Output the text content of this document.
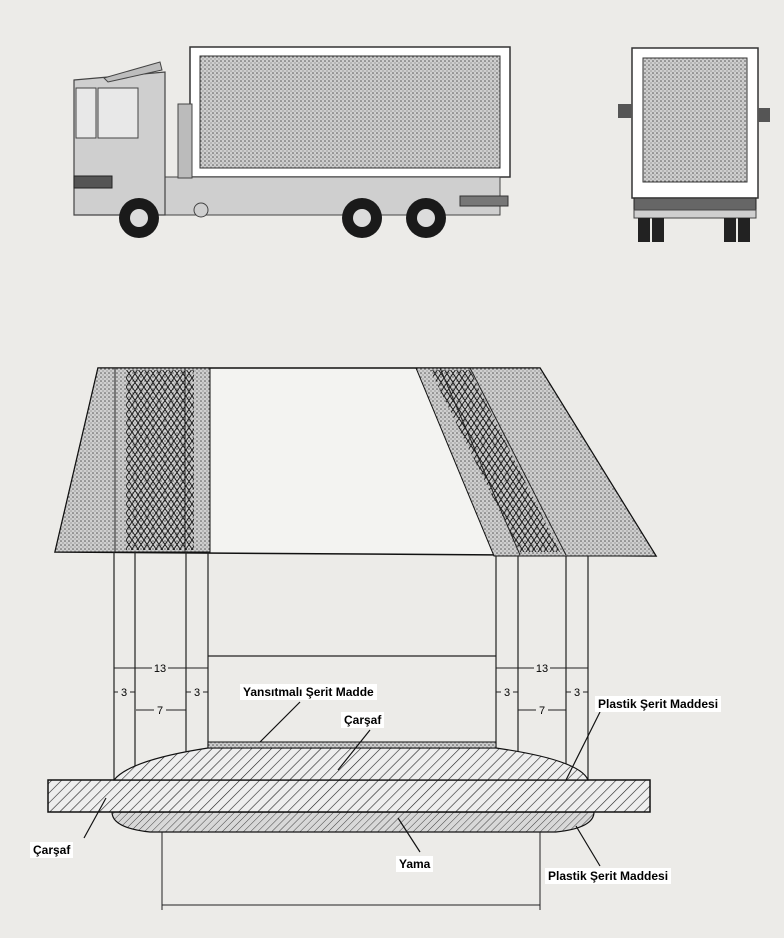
13
7
3	3
13
7
3	3
Yansıtmalı Şerit Madde
Çarşaf
Plastik Şerit Maddesi
Çarşaf
Yama
Plastik Şerit Maddesi
